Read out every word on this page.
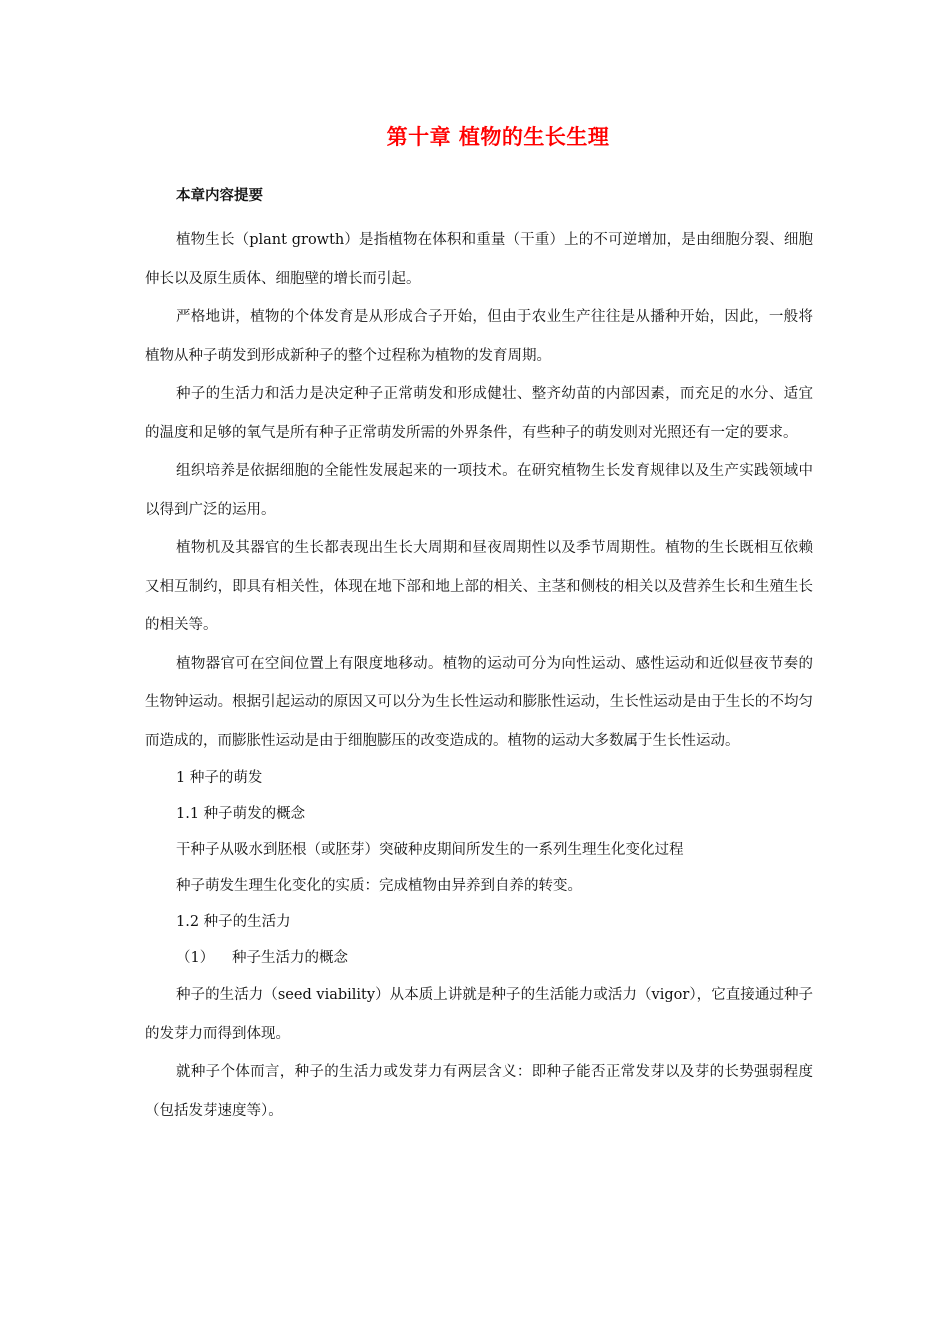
第十章 植物的生长生理
本章内容提要

植物生长（plant growth）是指植物在体积和重量（干重）上的不可逆增加，是由细胞分裂、细胞伸长以及原生质体、细胞壁的增长而引起。

严格地讲，植物的个体发育是从形成合子开始，但由于农业生产往往是从播种开始，因此，一般将植物从种子萌发到形成新种子的整个过程称为植物的发育周期。

种子的生活力和活力是决定种子正常萌发和形成健壮、整齐幼苗的内部因素，而充足的水分、适宜的温度和足够的氧气是所有种子正常萌发所需的外界条件，有些种子的萌发则对光照还有一定的要求。

组织培养是依据细胞的全能性发展起来的一项技术。在研究植物生长发育规律以及生产实践领域中以得到广泛的运用。

植物机及其器官的生长都表现出生长大周期和昼夜周期性以及季节周期性。植物的生长既相互依赖又相互制约，即具有相关性，体现在地下部和地上部的相关、主茎和侧枝的相关以及营养生长和生殖生长的相关等。

植物器官可在空间位置上有限度地移动。植物的运动可分为向性运动、感性运动和近似昼夜节奏的生物钟运动。根据引起运动的原因又可以分为生长性运动和膨胀性运动，生长性运动是由于生长的不均匀而造成的，而膨胀性运动是由于细胞膨压的改变造成的。植物的运动大多数属于生长性运动。

1 种子的萌发

1.1 种子萌发的概念

干种子从吸水到胚根（或胚芽）突破种皮期间所发生的一系列生理生化变化过程

种子萌发生理生化变化的实质：完成植物由异养到自养的转变。

1.2 种子的生活力

（1） 种子生活力的概念

种子的生活力（seed viability）从本质上讲就是种子的生活能力或活力（vigor），它直接通过种子的发芽力而得到体现。

就种子个体而言，种子的生活力或发芽力有两层含义：即种子能否正常发芽以及芽的长势强弱程度（包括发芽速度等）。
